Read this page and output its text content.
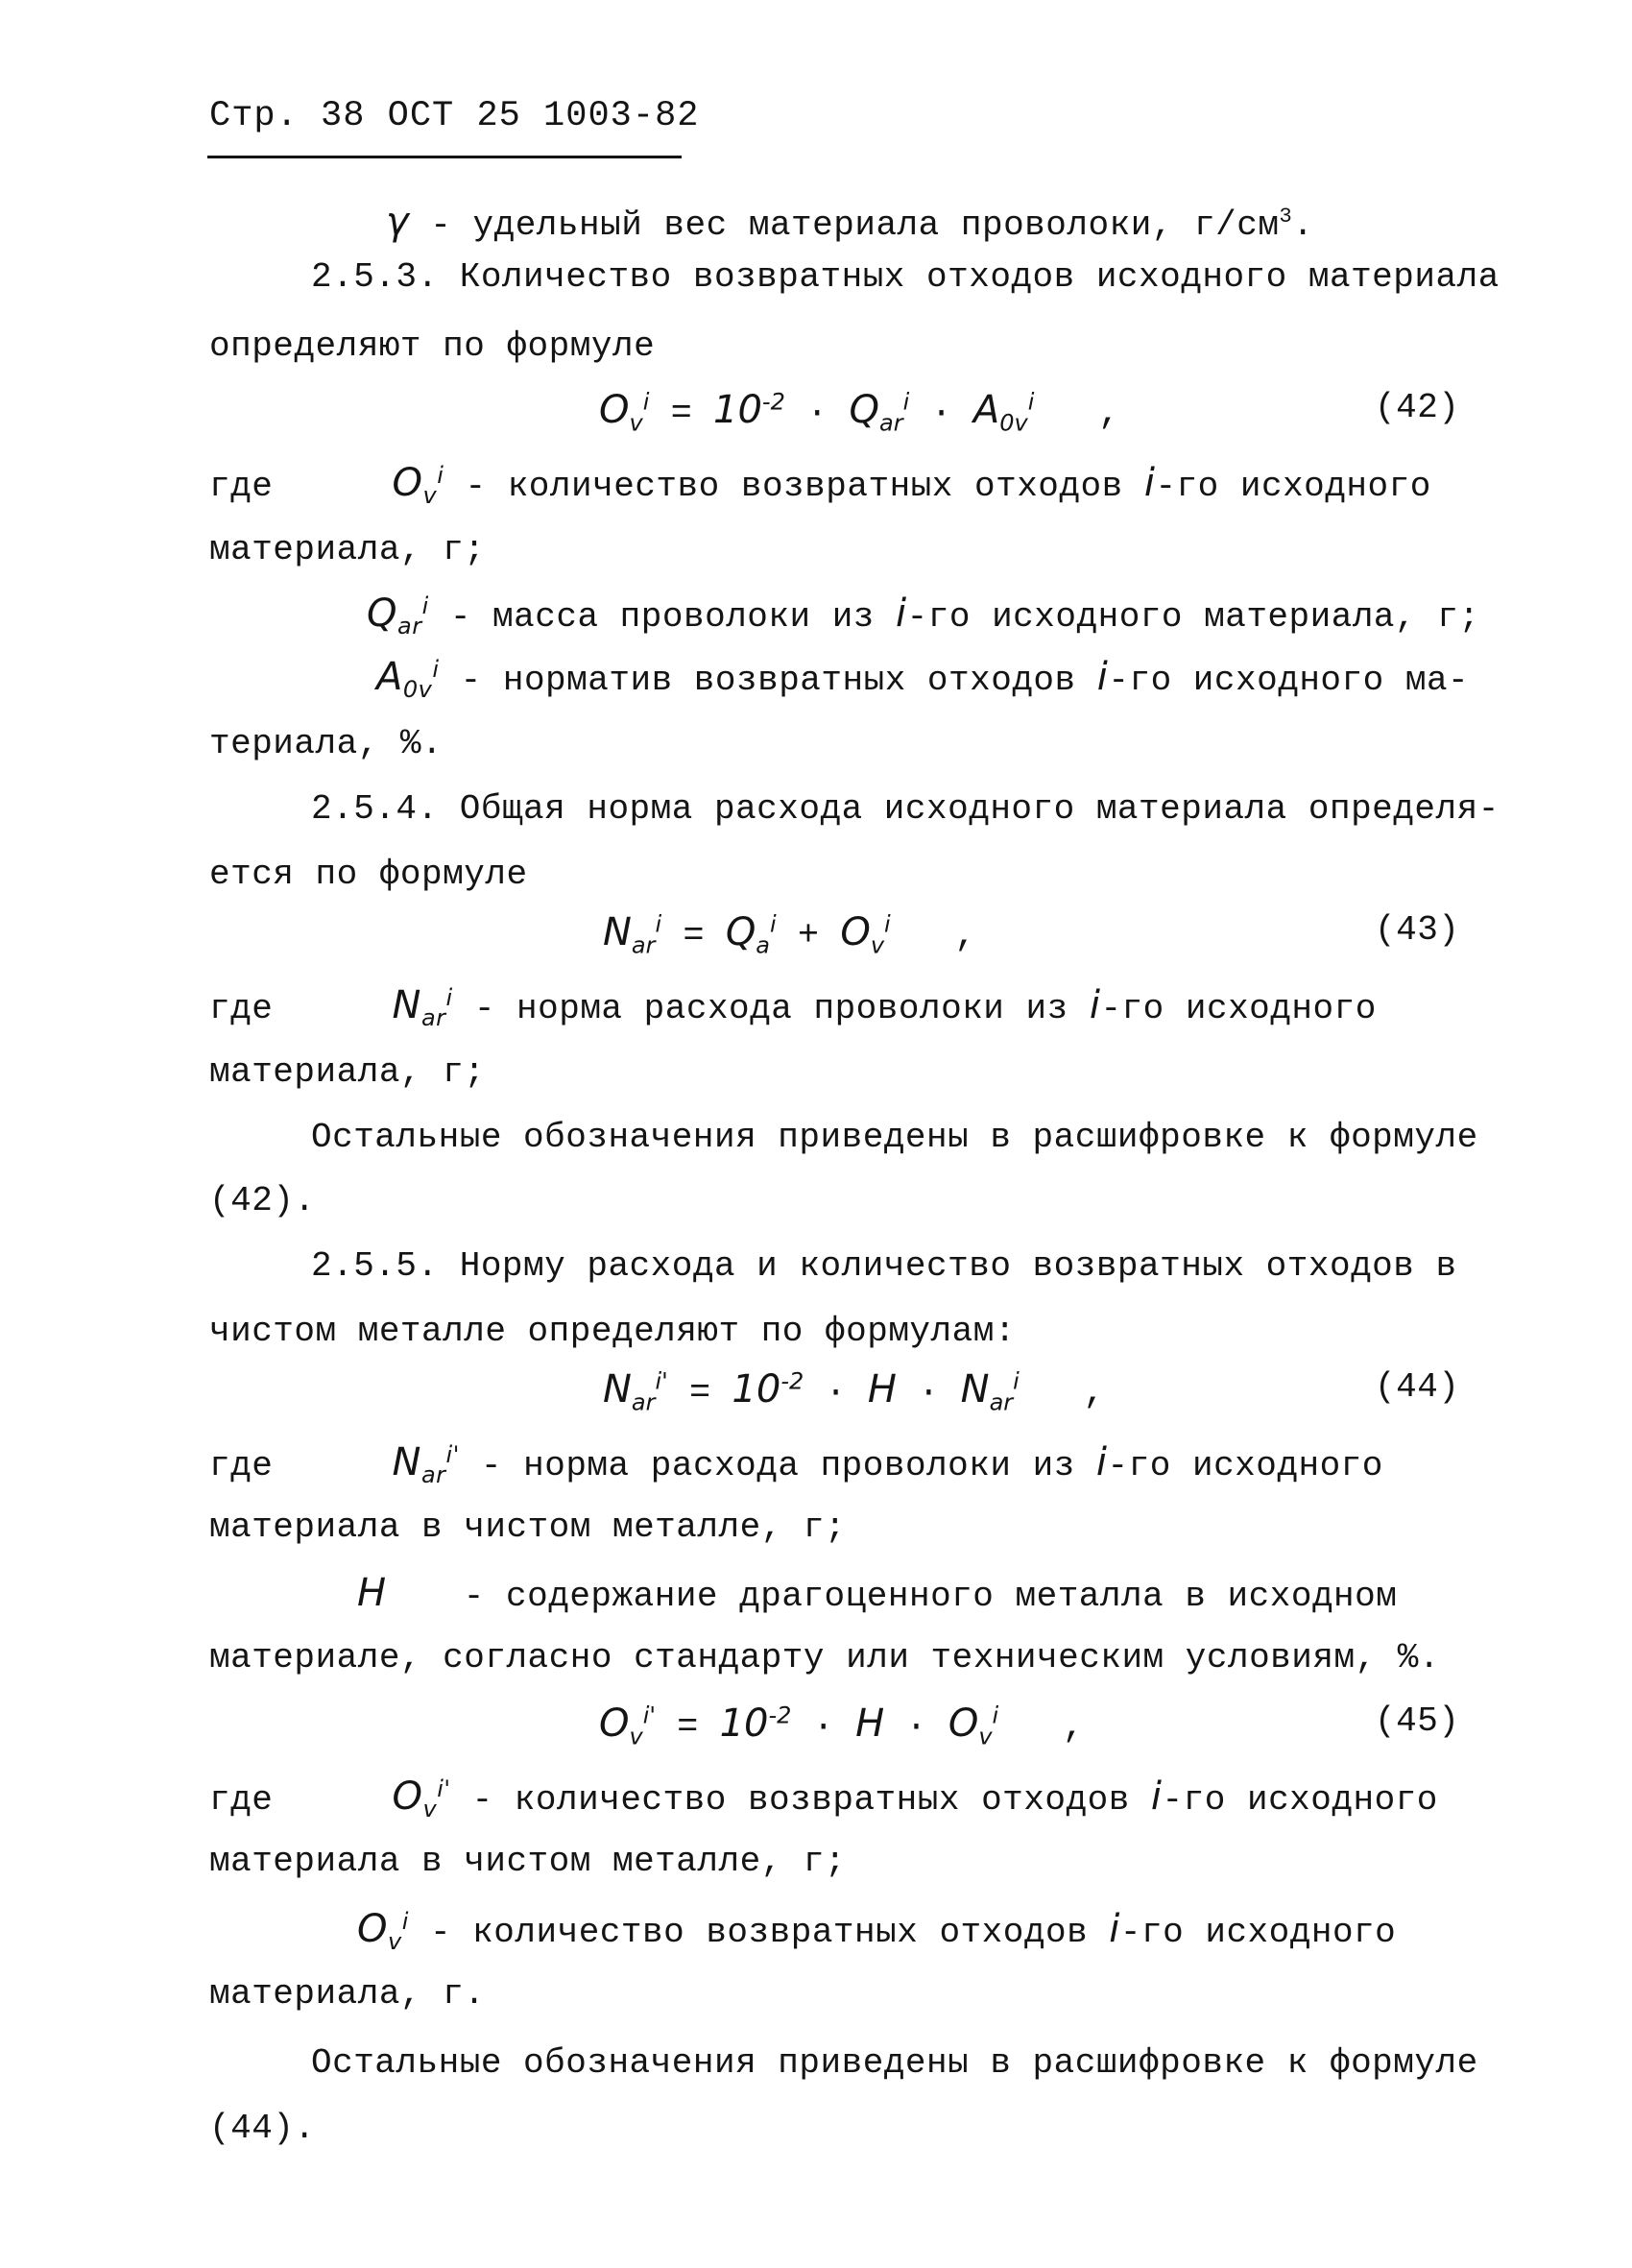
Стр. 38 ОСТ 25 1003-82
γ - удельный вес материала проволоки, $г/см^3$.
2.5.3. Количество возвратных отходов исходного материала
определяют по формуле
$O_v^i = 10^{-2} \cdot Q_{ar}^i \cdot A_{0v}^i$ ,	(42)
где	$O_v^i$ - количество возвратных отходов i-го исходного
материала, г;
$Q_{ar}^i$ - масса проволоки из i-го исходного материала, г;
$A_{0v}^i$ - норматив возвратных отходов i-го исходного ма-
териала, %.
2.5.4. Общая норма расхода исходного материала определя-
ется по формуле
$N_{ar}^i = Q_a^i + O_v^i$ ,	(43)
где	$N_{ar}^i$ - норма расхода проволоки из i-го исходного
материала, г;
Остальные обозначения приведены в расшифровке к формуле
(42).
2.5.5. Норму расхода и количество возвратных отходов в
чистом металле определяют по формулам:
$N_{ar}^{i'} = 10^{-2} \cdot H \cdot N_{ar}^i$ ,	(44)
где	$N_{ar}^{i'}$ - норма расхода проволоки из i-го исходного
материала в чистом металле, г;
H - содержание драгоценного металла в исходном
материале, согласно стандарту или техническим условиям, %.
$O_v^{i'} = 10^{-2} \cdot H \cdot O_v^i$ ,	(45)
где	$O_v^{i'}$ - количество возвратных отходов i-го исходного
материала в чистом металле, г;
$O_v^i$ - количество возвратных отходов i-го исходного
материала, г.
Остальные обозначения приведены в расшифровке к формуле
(44).
